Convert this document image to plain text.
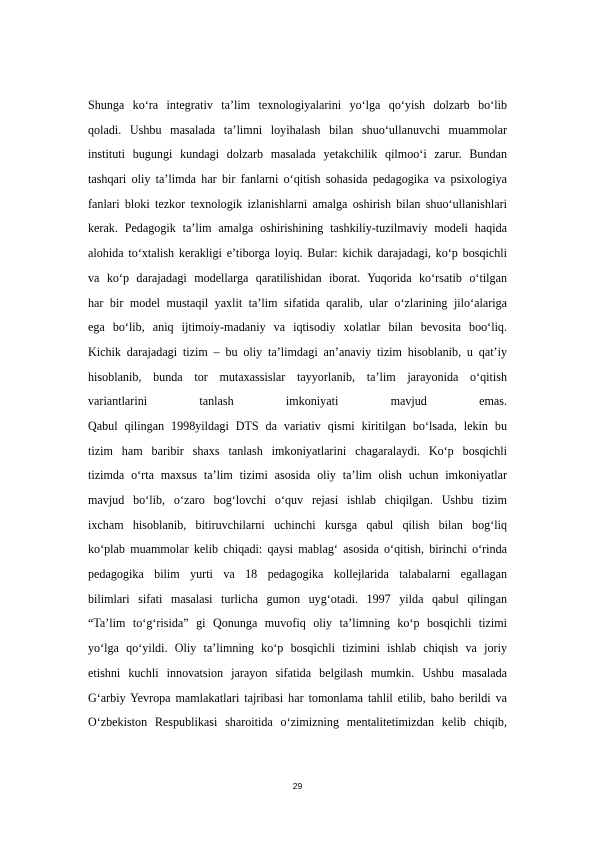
Shunga ko‘ra integrativ ta’lim texnologiyalarini yo‘lga qo‘yish dolzarb bo‘lib
qoladi. Ushbu masalada ta’limni loyihalash bilan shuo‘ullanuvchi muammolar
instituti bugungi kundagi dolzarb masalada yetakchilik qilmoo‘i zarur. Bundan
tashqari oliy ta’limda har bir fanlarni o‘qitish sohasida pedagogika va psixologiya
fanlari bloki tezkor texnologik izlanishlarni amalga oshirish bilan shuo‘ullanishlari
kerak. Pedagogik ta’lim amalga oshirishining tashkiliy-tuzilmaviy modeli haqida
alohida to‘xtalish kerakligi e’tiborga loyiq. Bular: kichik darajadagi, ko‘p bosqichli
va ko‘p darajadagi modellarga qaratilishidan iborat. Yuqorida ko‘rsatib o‘tilgan
har bir model mustaqil yaxlit ta’lim sifatida qaralib, ular o‘zlarining jilo‘alariga
ega bo‘lib, aniq ijtimoiy-madaniy va iqtisodiy xolatlar bilan bevosita boo‘liq.
Kichik darajadagi tizim – bu oliy ta’limdagi an’anaviy tizim hisoblanib, u qat’iy
hisoblanib, bunda tor mutaxassislar tayyorlanib, ta’lim jarayonida o‘qitish
variantlarini tanlash imkoniyati mavjud emas.
Qabul qilingan 1998yildagi DTS da variativ qismi kiritilgan bo‘lsada, lekin bu
tizim ham baribir shaxs tanlash imkoniyatlarini chagaralaydi. Ko‘p bosqichli
tizimda o‘rta maxsus ta’lim tizimi asosida oliy ta’lim olish uchun imkoniyatlar
mavjud bo‘lib, o‘zaro bog‘lovchi o‘quv rejasi ishlab chiqilgan. Ushbu tizim
ixcham hisoblanib, bitiruvchilarni uchinchi kursga qabul qilish bilan bog‘liq
ko‘plab muammolar kelib chiqadi: qaysi mablag‘ asosida o‘qitish, birinchi o‘rinda
pedagogika bilim yurti va 18 pedagogika kollejlarida talabalarni egallagan
bilimlari sifati masalasi turlicha gumon uyg‘otadi. 1997 yilda qabul qilingan
“Ta’lim to‘g‘risida” gi Qonunga muvofiq oliy ta’limning ko‘p bosqichli tizimi
yo‘lga qo‘yildi. Oliy ta’limning ko‘p bosqichli tizimini ishlab chiqish va joriy
etishni kuchli innovatsion jarayon sifatida belgilash mumkin. Ushbu masalada
G‘arbiy Yevropa mamlakatlari tajribasi har tomonlama tahlil etilib, baho berildi va
O‘zbekiston Respublikasi sharoitida o‘zimizning mentalitetimizdan kelib chiqib,
29
